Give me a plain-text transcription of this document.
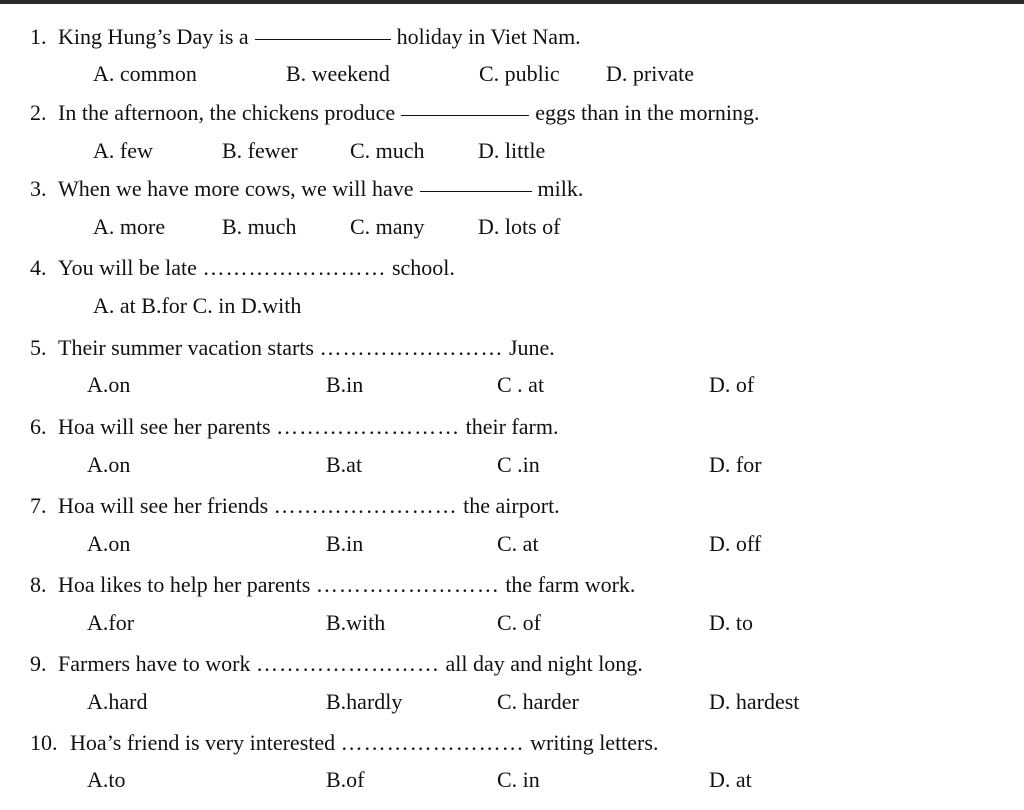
1. King Hung’s Day is a	holiday in Viet Nam.
A. common	B. weekend	C. public D. private
2. In the afternoon, the chickens produce	eggs than in the morning.
A. few	B. fewer C. much D. little
3. When we have more cows, we will have	milk.
A. more	B. much C. many D. lots of
4. You will be late …………………… school.
A. at B.for C. in D.with
5. Their summer vacation starts …………………… June.
A.on	B.in	C . at	D. of
6. Hoa will see her parents …………………… their farm.
A.on	B.at	C .in	D. for
7. Hoa will see her friends …………………… the airport.
A.on	B.in	C. at	D. off
8. Hoa likes to help her parents …………………… the farm work.
A.for	B.with	C. of	D. to
9. Farmers have to work …………………… all day and night long.
A.hard	B.hardly	C. harder	D. hardest
10. Hoa’s friend is very interested …………………… writing letters.
A.to	B.of	C. in	D. at
